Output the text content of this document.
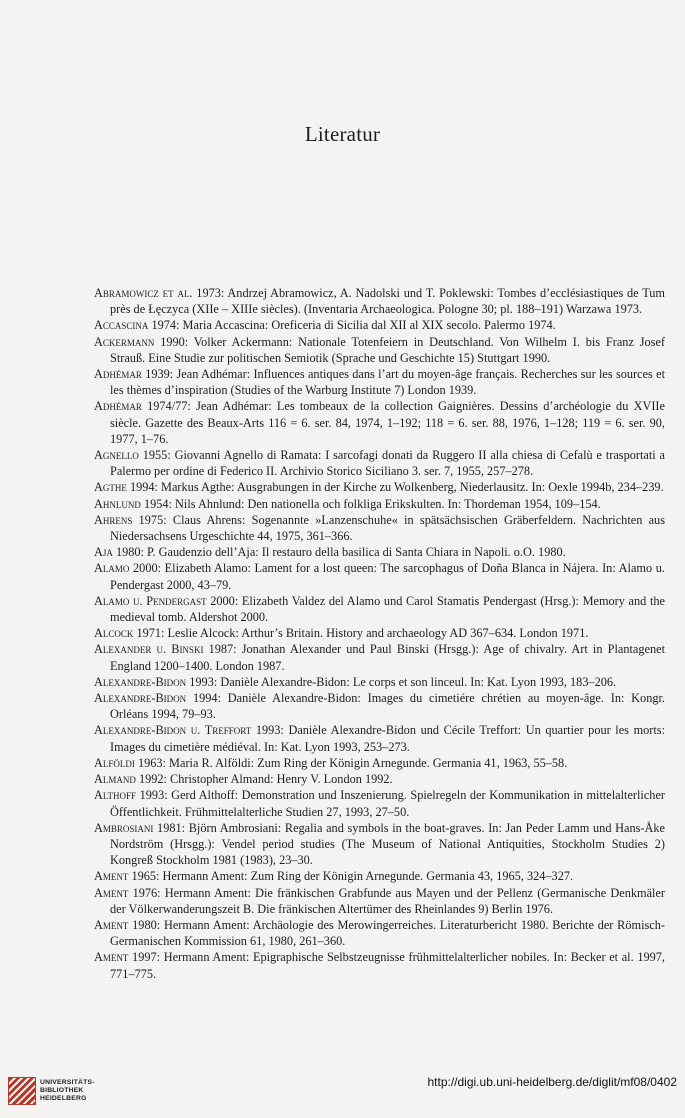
Literatur

Abramowicz et al. 1973: Andrzej Abramowicz, A. Nadolski und T. Poklewski: Tombes d’ecclésiastiques de Tum près de Łęczyca (XIIe – XIIIe siècles). (Inventaria Archaeologica. Pologne 30; pl. 188–191) Warzawa 1973.

Accascina 1974: Maria Accascina: Oreficeria di Sicilia dal XII al XIX secolo. Palermo 1974.

Ackermann 1990: Volker Ackermann: Nationale Totenfeiern in Deutschland. Von Wilhelm I. bis Franz Josef Strauß. Eine Studie zur politischen Semiotik (Sprache und Geschichte 15) Stuttgart 1990.

Adhémar 1939: Jean Adhémar: Influences antiques dans l’art du moyen-âge français. Recherches sur les sources et les thèmes d’inspiration (Studies of the Warburg Institute 7) London 1939.

Adhémar 1974/77: Jean Adhémar: Les tombeaux de la collection Gaignières. Dessins d’archéologie du XVIIe siècle. Gazette des Beaux-Arts 116 = 6. ser. 84, 1974, 1–192; 118 = 6. ser. 88, 1976, 1–128; 119 = 6. ser. 90, 1977, 1–76.

Agnello 1955: Giovanni Agnello di Ramata: I sarcofagi donati da Ruggero II alla chiesa di Cefalù e trasportati a Palermo per ordine di Federico II. Archivio Storico Siciliano 3. ser. 7, 1955, 257–278.

Agthe 1994: Markus Agthe: Ausgrabungen in der Kirche zu Wolkenberg, Niederlausitz. In: Oexle 1994b, 234–239.

Ahnlund 1954: Nils Ahnlund: Den nationella och folkliga Erikskulten. In: Thordeman 1954, 109–154.

Ahrens 1975: Claus Ahrens: Sogenannte »Lanzenschuhe« in spätsächsischen Gräberfeldern. Nachrichten aus Niedersachsens Urgeschichte 44, 1975, 361–366.

Aja 1980: P. Gaudenzio dell’Aja: Il restauro della basilica di Santa Chiara in Napoli. o.O. 1980.

Alamo 2000: Elizabeth Alamo: Lament for a lost queen: The sarcophagus of Doña Blanca in Nájera. In: Alamo u. Pendergast 2000, 43–79.

Alamo u. Pendergast 2000: Elizabeth Valdez del Alamo und Carol Stamatis Pendergast (Hrsg.): Memory and the medieval tomb. Aldershot 2000.

Alcock 1971: Leslie Alcock: Arthur’s Britain. History and archaeology AD 367–634. London 1971.

Alexander u. Binski 1987: Jonathan Alexander und Paul Binski (Hrsgg.): Age of chivalry. Art in Plantagenet England 1200–1400. London 1987.

Alexandre-Bidon 1993: Danièle Alexandre-Bidon: Le corps et son linceul. In: Kat. Lyon 1993, 183–206.

Alexandre-Bidon 1994: Danièle Alexandre-Bidon: Images du cimetiére chrétien au moyen-âge. In: Kongr. Orléans 1994, 79–93.

Alexandre-Bidon u. Treffort 1993: Danièle Alexandre-Bidon und Cécile Treffort: Un quartier pour les morts: Images du cimetière médiéval. In: Kat. Lyon 1993, 253–273.

Alföldi 1963: Maria R. Alföldi: Zum Ring der Königin Arnegunde. Germania 41, 1963, 55–58.

Almand 1992: Christopher Almand: Henry V. London 1992.

Althoff 1993: Gerd Althoff: Demonstration und Inszenierung. Spielregeln der Kommunikation in mittelalterlicher Öffentlichkeit. Frühmittelalterliche Studien 27, 1993, 27–50.

Ambrosiani 1981: Björn Ambrosiani: Regalia and symbols in the boat-graves. In: Jan Peder Lamm und Hans-Åke Nordström (Hrsgg.): Vendel period studies (The Museum of National Antiquities, Stockholm Studies 2) Kongreß Stockholm 1981 (1983), 23–30.

Ament 1965: Hermann Ament: Zum Ring der Königin Arnegunde. Germania 43, 1965, 324–327.

Ament 1976: Hermann Ament: Die fränkischen Grabfunde aus Mayen und der Pellenz (Germanische Denkmäler der Völkerwanderungszeit B. Die fränkischen Altertümer des Rheinlandes 9) Berlin 1976.

Ament 1980: Hermann Ament: Archäologie des Merowingerreiches. Literaturbericht 1980. Berichte der Römisch-Germanischen Kommission 61, 1980, 261–360.

Ament 1997: Hermann Ament: Epigraphische Selbstzeugnisse frühmittelalterlicher nobiles. In: Becker et al. 1997, 771–775.

UNIVERSITÄTS-
BIBLIOTHEK
HEIDELBERG
http://digi.ub.uni-heidelberg.de/diglit/mf08/0402
